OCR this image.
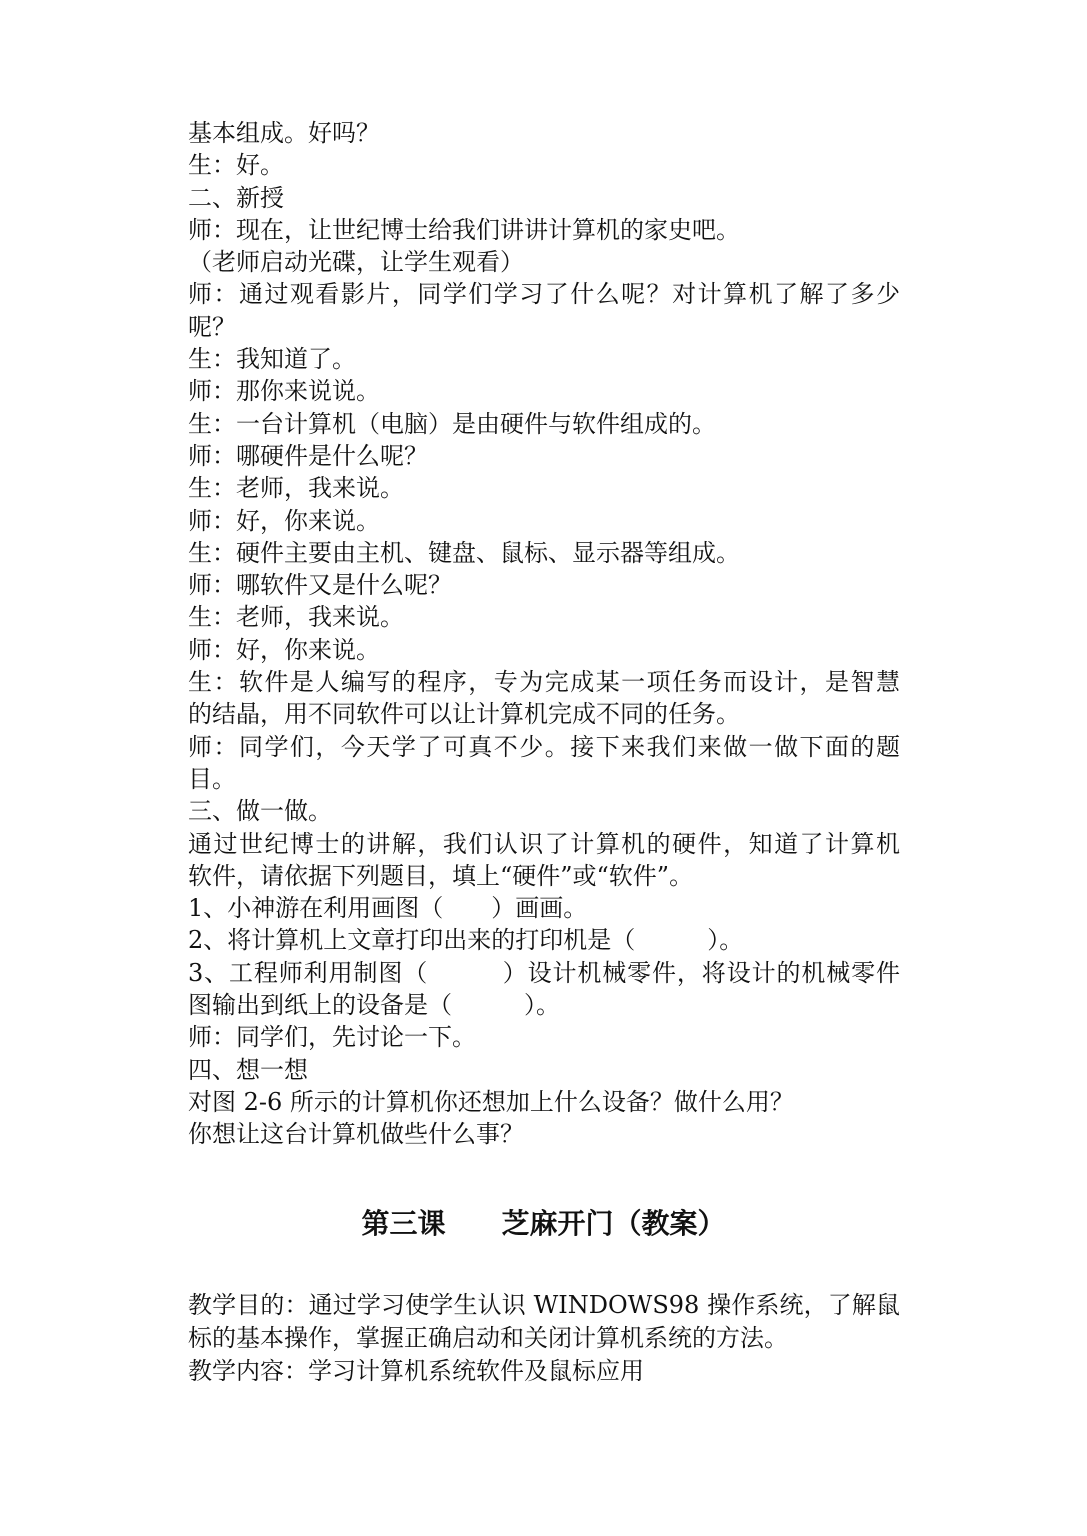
基本组成。好吗？
生：好。
二、新授
师：现在，让世纪博士给我们讲讲计算机的家史吧。
（老师启动光碟，让学生观看）
师：通过观看影片，同学们学习了什么呢？对计算机了解了多少
呢？
生：我知道了。
师：那你来说说。
生：一台计算机（电脑）是由硬件与软件组成的。
师：哪硬件是什么呢？
生：老师，我来说。
师：好，你来说。
生：硬件主要由主机、键盘、鼠标、显示器等组成。
师：哪软件又是什么呢？
生：老师，我来说。
师：好，你来说。
生：软件是人编写的程序，专为完成某一项任务而设计，是智慧
的结晶，用不同软件可以让计算机完成不同的任务。
师：同学们，今天学了可真不少。接下来我们来做一做下面的题
目。
三、做一做。
通过世纪博士的讲解，我们认识了计算机的硬件，知道了计算机
软件，请依据下列题目，填上“硬件”或“软件”。
1、小神游在利用画图（　　）画画。
2、将计算机上文章打印出来的打印机是（　　　）。
3、工程师利用制图（　　　）设计机械零件，将设计的机械零件
图输出到纸上的设备是（　　　）。
师：同学们，先讨论一下。
四、想一想
对图 2-6 所示的计算机你还想加上什么设备？做什么用？
你想让这台计算机做些什么事？
第三课　　芝麻开门（教案）
教学目的：通过学习使学生认识 WINDOWS98 操作系统，了解鼠
标的基本操作，掌握正确启动和关闭计算机系统的方法。
教学内容：学习计算机系统软件及鼠标应用
